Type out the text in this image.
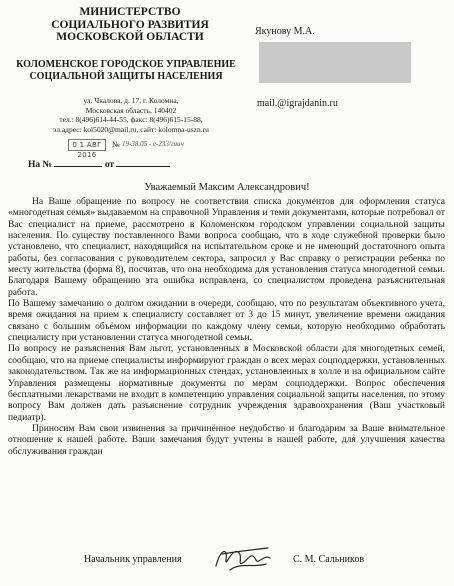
МИНИСТЕРСТВО
СОЦИАЛЬНОГО РАЗВИТИЯ
МОСКОВСКОЙ ОБЛАСТИ
КОЛОМЕНСКОЕ ГОРОДСКОЕ УПРАВЛЕНИЕ
СОЦИАЛЬНОЙ ЗАЩИТЫ НАСЕЛЕНИЯ
ул. Чкалова, д. 17, г. Коломна,
Московская область, 140402
тел.: 8(496)614-44-55, факс: 8(496)615-15-88,
эл.адрес: kol5020@mail.ru, сайт: kolomna-uszn.ru
0 1 АВГ 2016
№ 19-38.05 - е-233/гиич
На №	от
Якунову М.А.
mail.@igrajdanin.ru
Уважаемый Максим Александрович!

На Ваше обращение по вопросу не соответствия списка документов для оформления статуса «многодетная семья» выдаваемом на справочной Управления и теми документами, которые потребовал от Вас специалист на приеме, рассмотрено в Коломенском городском управлении социальной защиты населения. По существу поставленного Вами вопроса сообщаю, что в ходе служебной проверки было установлено, что специалист, находящийся на испытательном сроке и не имеющий достаточного опыта работы, без согласования с руководителем сектора, запросил у Вас справку о регистрации ребенка по месту жительства (форма 8), посчитав, что она необходима для установления статуса многодетной семьи. Благодаря Вашему обращению эта ошибка исправлена, со специалистом проведена разъяснительная работа.

По Вашему замечанию о долгом ожидании в очереди, сообщаю, что по результатам объективного учета, время ожидания на прием к специалисту составляет от 3 до 15 минут, увеличение времени ожидания связано с большим объёмом информации по каждому члену семьи, которую необходимо обработать специалисту при установлении статуса многодетной семьи.

По вопросу не разъяснения Вам льгот, установленных в Московской области для многодетных семей, сообщаю, что на приеме специалисты информируют граждан о всех мерах соцподдержки, установленных законодательством. Так же на информационных стендах, установленных в холле и на официальном сайте Управления размещены нормативные документы по мерам соцподдержки. Вопрос обеспечения бесплатными лекарствами не входит в компетенцию управления социальной защиты населения, по этому вопросу Вам должен дать разъяснение сотрудник учреждения здравоохранения (Ваш участковый педиатр).

Приносим Вам свои извинения за причинённое неудобство и благодарим за Ваше внимательное отношение к нашей работе. Ваши замечания будут учтены в нашей работе, для улучшения качества обслуживания граждан

Начальник управления	С. М. Сальников
